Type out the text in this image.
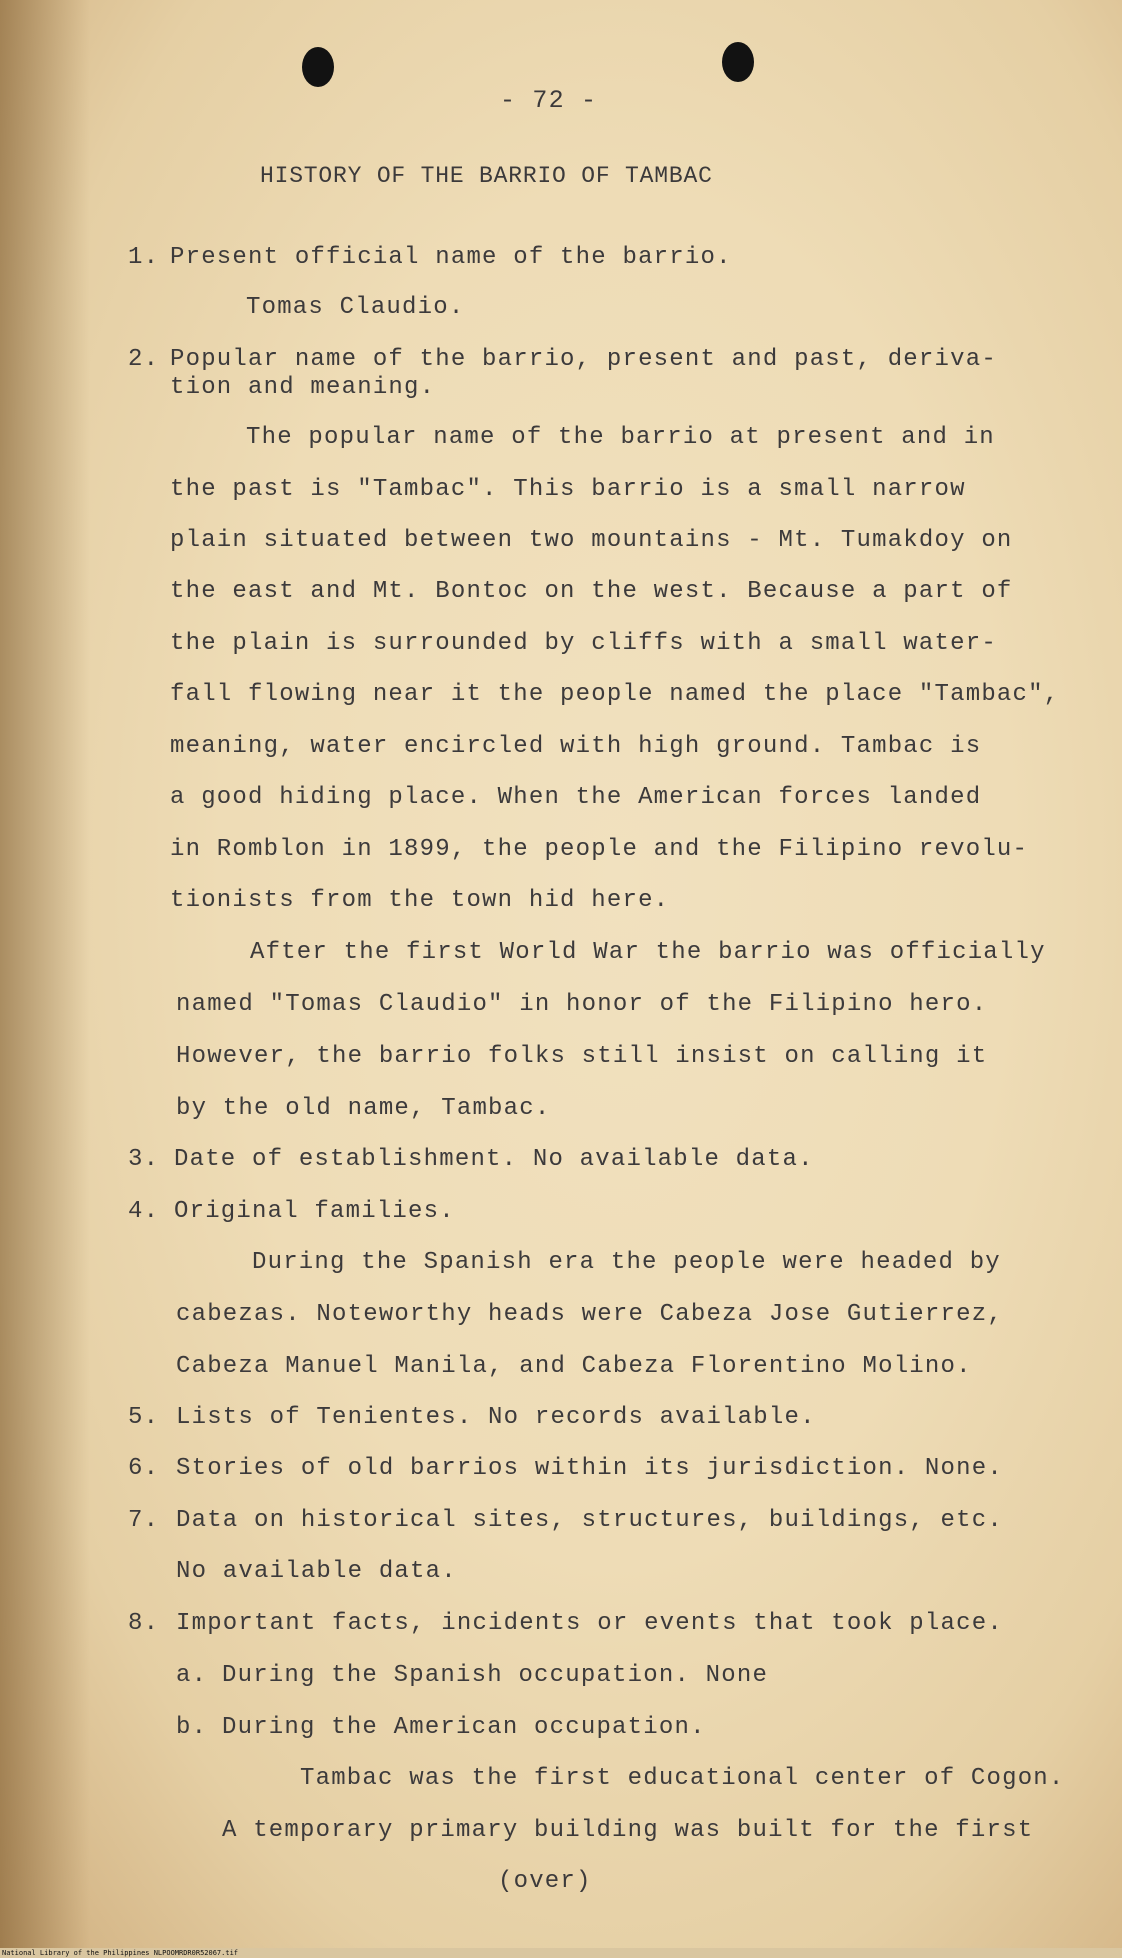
- 72 -
HISTORY OF THE BARRIO OF TAMBAC
1. Present official name of the barrio.
Tomas Claudio.
2. Popular name of the barrio, present and past, deriva-
tion and meaning.
The popular name of the barrio at present and in
the past is "Tambac". This barrio is a small narrow
plain situated between two mountains - Mt. Tumakdoy on
the east and Mt. Bontoc on the west. Because a part of
the plain is surrounded by cliffs with a small water-
fall flowing near it the people named the place "Tambac",
meaning, water encircled with high ground. Tambac is
a good hiding place. When the American forces landed
in Romblon in 1899, the people and the Filipino revolu-
tionists from the town hid here.
After the first World War the barrio was officially
named "Tomas Claudio" in honor of the Filipino hero.
However, the barrio folks still insist on calling it
by the old name, Tambac.
3. Date of establishment. No available data.
4. Original families.
During the Spanish era the people were headed by
cabezas. Noteworthy heads were Cabeza Jose Gutierrez,
Cabeza Manuel Manila, and Cabeza Florentino Molino.
5. Lists of Tenientes. No records available.
6. Stories of old barrios within its jurisdiction. None.
7. Data on historical sites, structures, buildings, etc.
No available data.
8. Important facts, incidents or events that took place.
a. During the Spanish occupation. None
b. During the American occupation.
Tambac was the first educational center of Cogon.
A temporary primary building was built for the first
(over)
National Library of the Philippines NLPOOMRDR0R52067.tif
